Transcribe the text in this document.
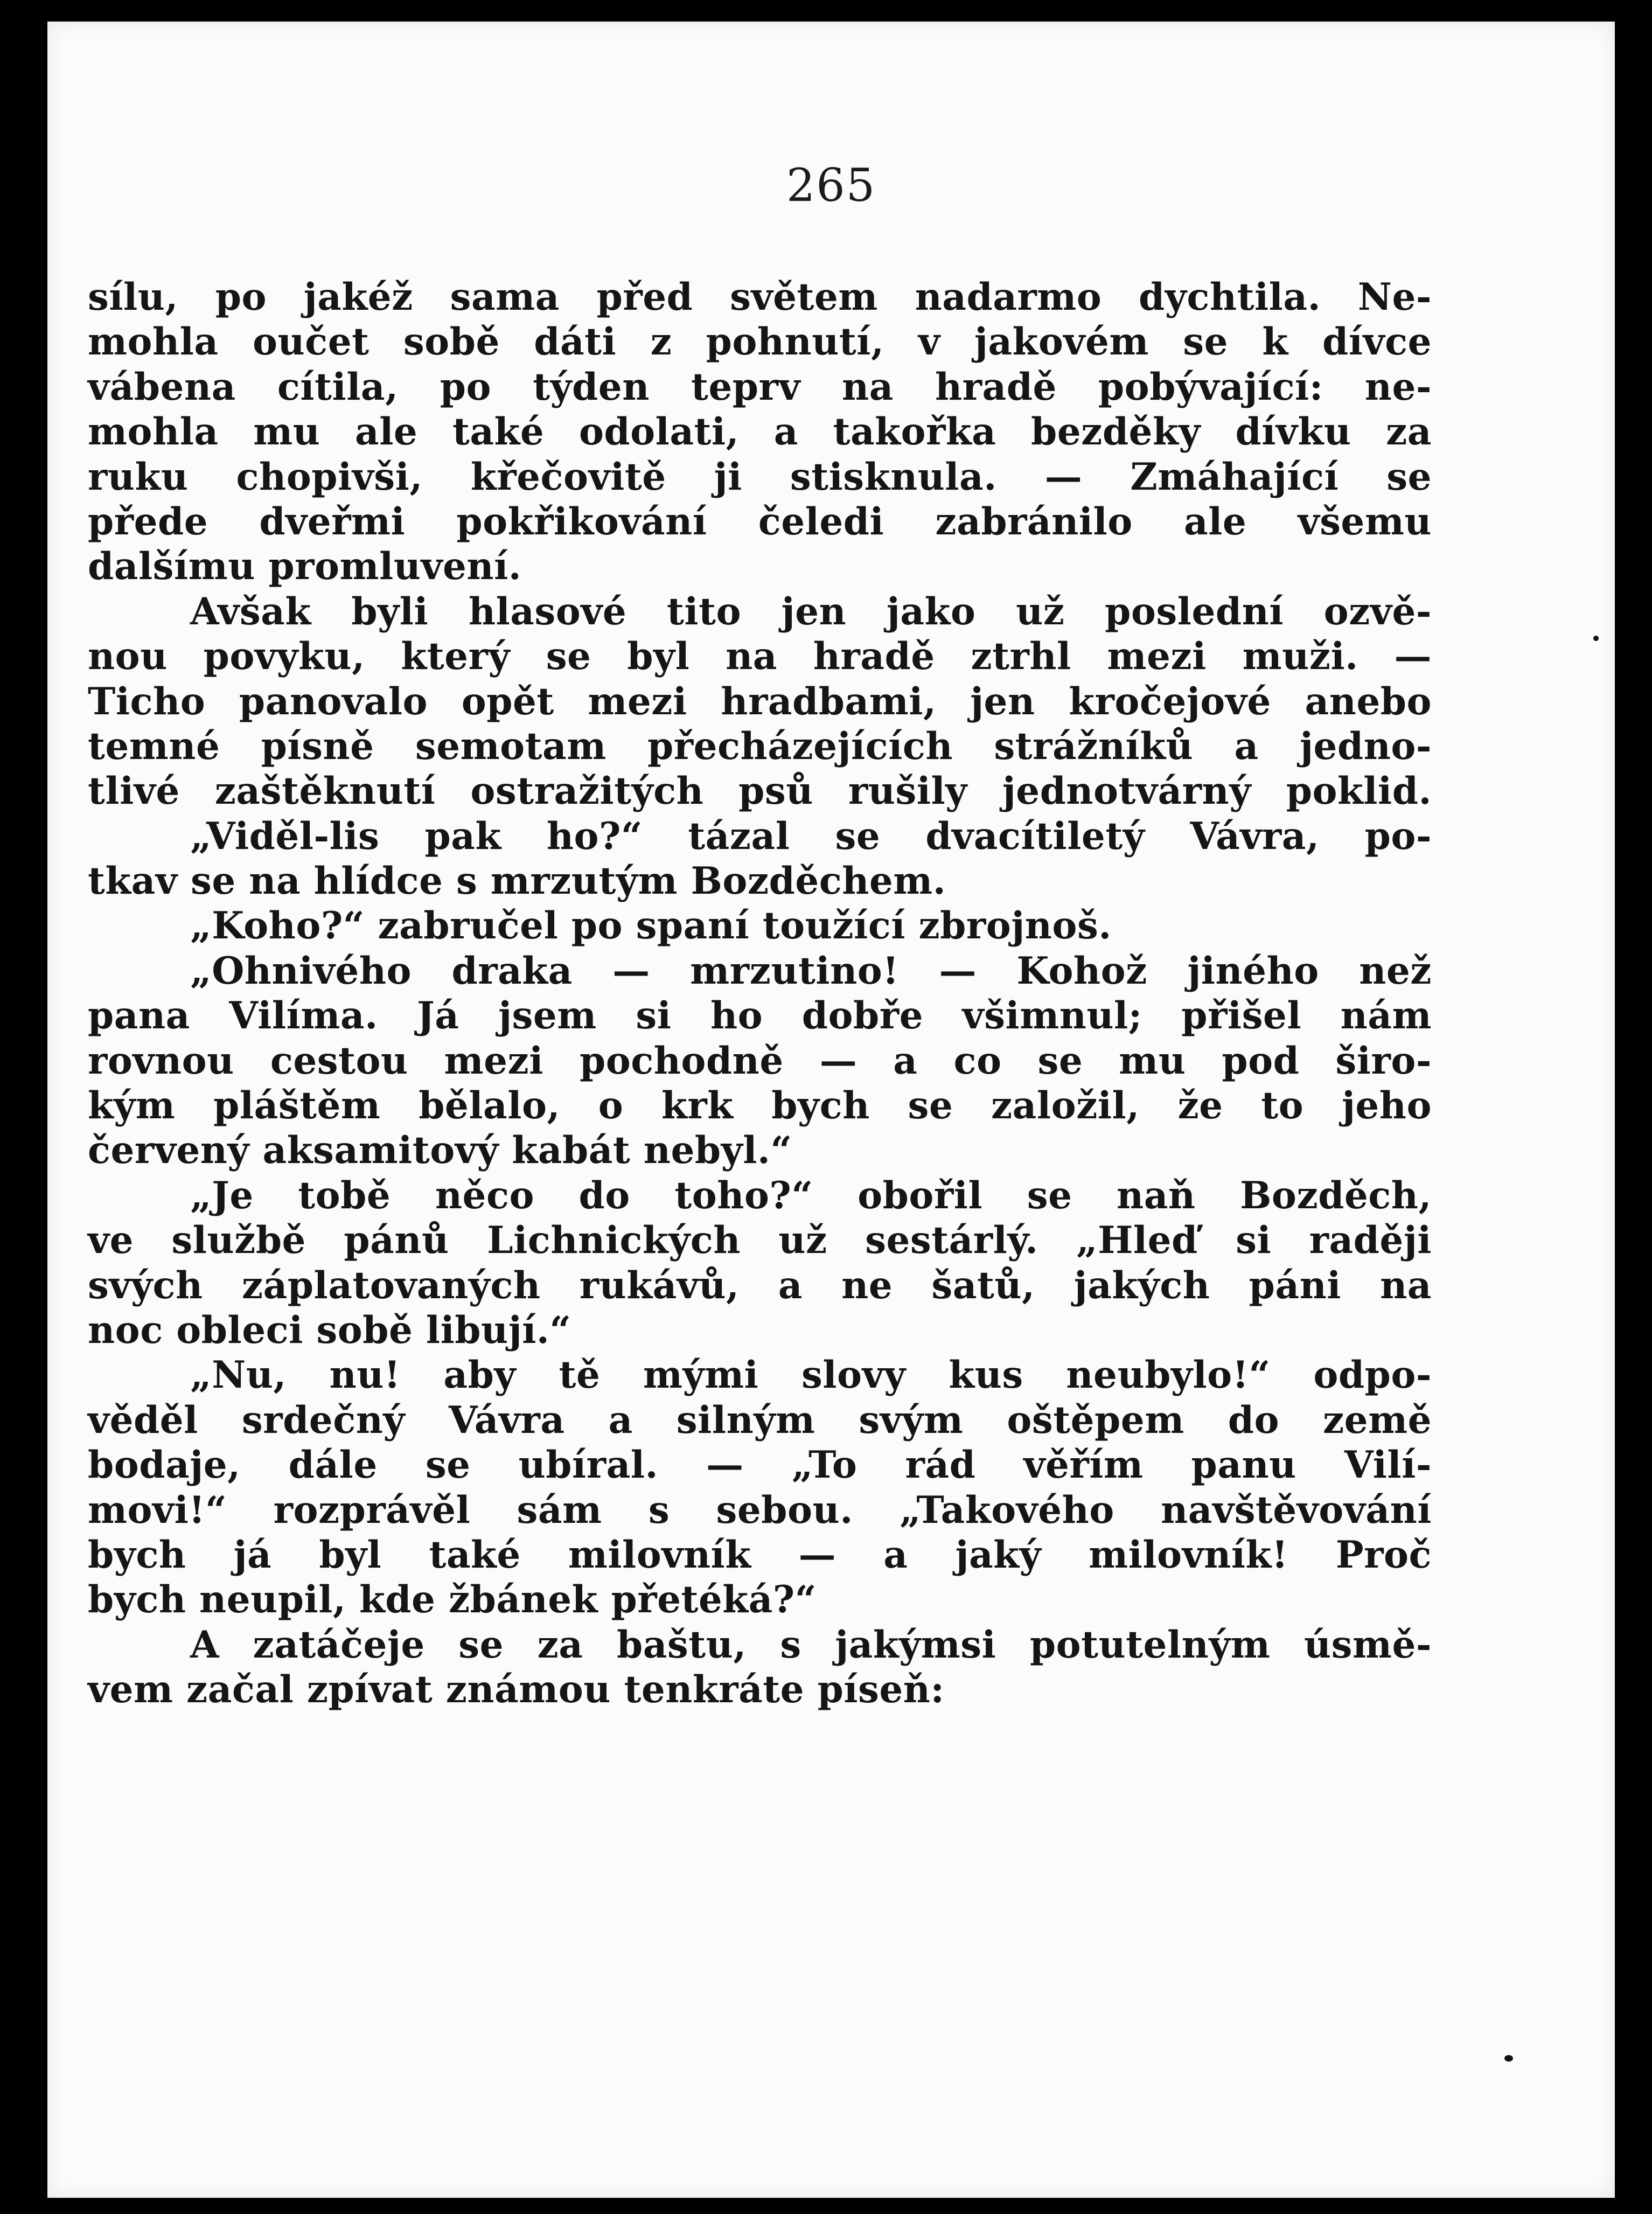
265
sílu, po jakéž sama před světem nadarmo dychtila. Ne-
mohla oučet sobě dáti z pohnutí, v jakovém se k dívce
vábena cítila, po týden teprv na hradě pobývající: ne-
mohla mu ale také odolati, a takořka bezděky dívku za
ruku chopivši, křečovitě ji stisknula. — Zmáhající se
přede dveřmi pokřikování čeledi zabránilo ale všemu
dalšímu promluvení.
Avšak byli hlasové tito jen jako už poslední ozvě-
nou povyku, který se byl na hradě ztrhl mezi muži. —
Ticho panovalo opět mezi hradbami, jen kročejové anebo
temné písně semotam přecházejících strážníků a jedno-
tlivé zaštěknutí ostražitých psů rušily jednotvárný poklid.
„Viděl-lis pak ho?“ tázal se dvacítiletý Vávra, po-
tkav se na hlídce s mrzutým Bozděchem.
„Koho?“ zabručel po spaní toužící zbrojnoš.
„Ohnivého draka — mrzutino! — Kohož jiného než
pana Vilíma. Já jsem si ho dobře všimnul; přišel nám
rovnou cestou mezi pochodně — a co se mu pod širo-
kým pláštěm bělalo, o krk bych se založil, že to jeho
červený aksamitový kabát nebyl.“
„Je tobě něco do toho?“ obořil se naň Bozděch,
ve službě pánů Lichnických už sestárlý. „Hleď si raději
svých záplatovaných rukávů, a ne šatů, jakých páni na
noc obleci sobě libují.“
„Nu, nu! aby tě mými slovy kus neubylo!“ odpo-
věděl srdečný Vávra a silným svým oštěpem do země
bodaje, dále se ubíral. — „To rád věřím panu Vilí-
movi!“ rozprávěl sám s sebou. „Takového navštěvování
bych já byl také milovník — a jaký milovník! Proč
bych neupil, kde žbánek přetéká?“
A zatáčeje se za baštu, s jakýmsi potutelným úsmě-
vem začal zpívat známou tenkráte píseň:
